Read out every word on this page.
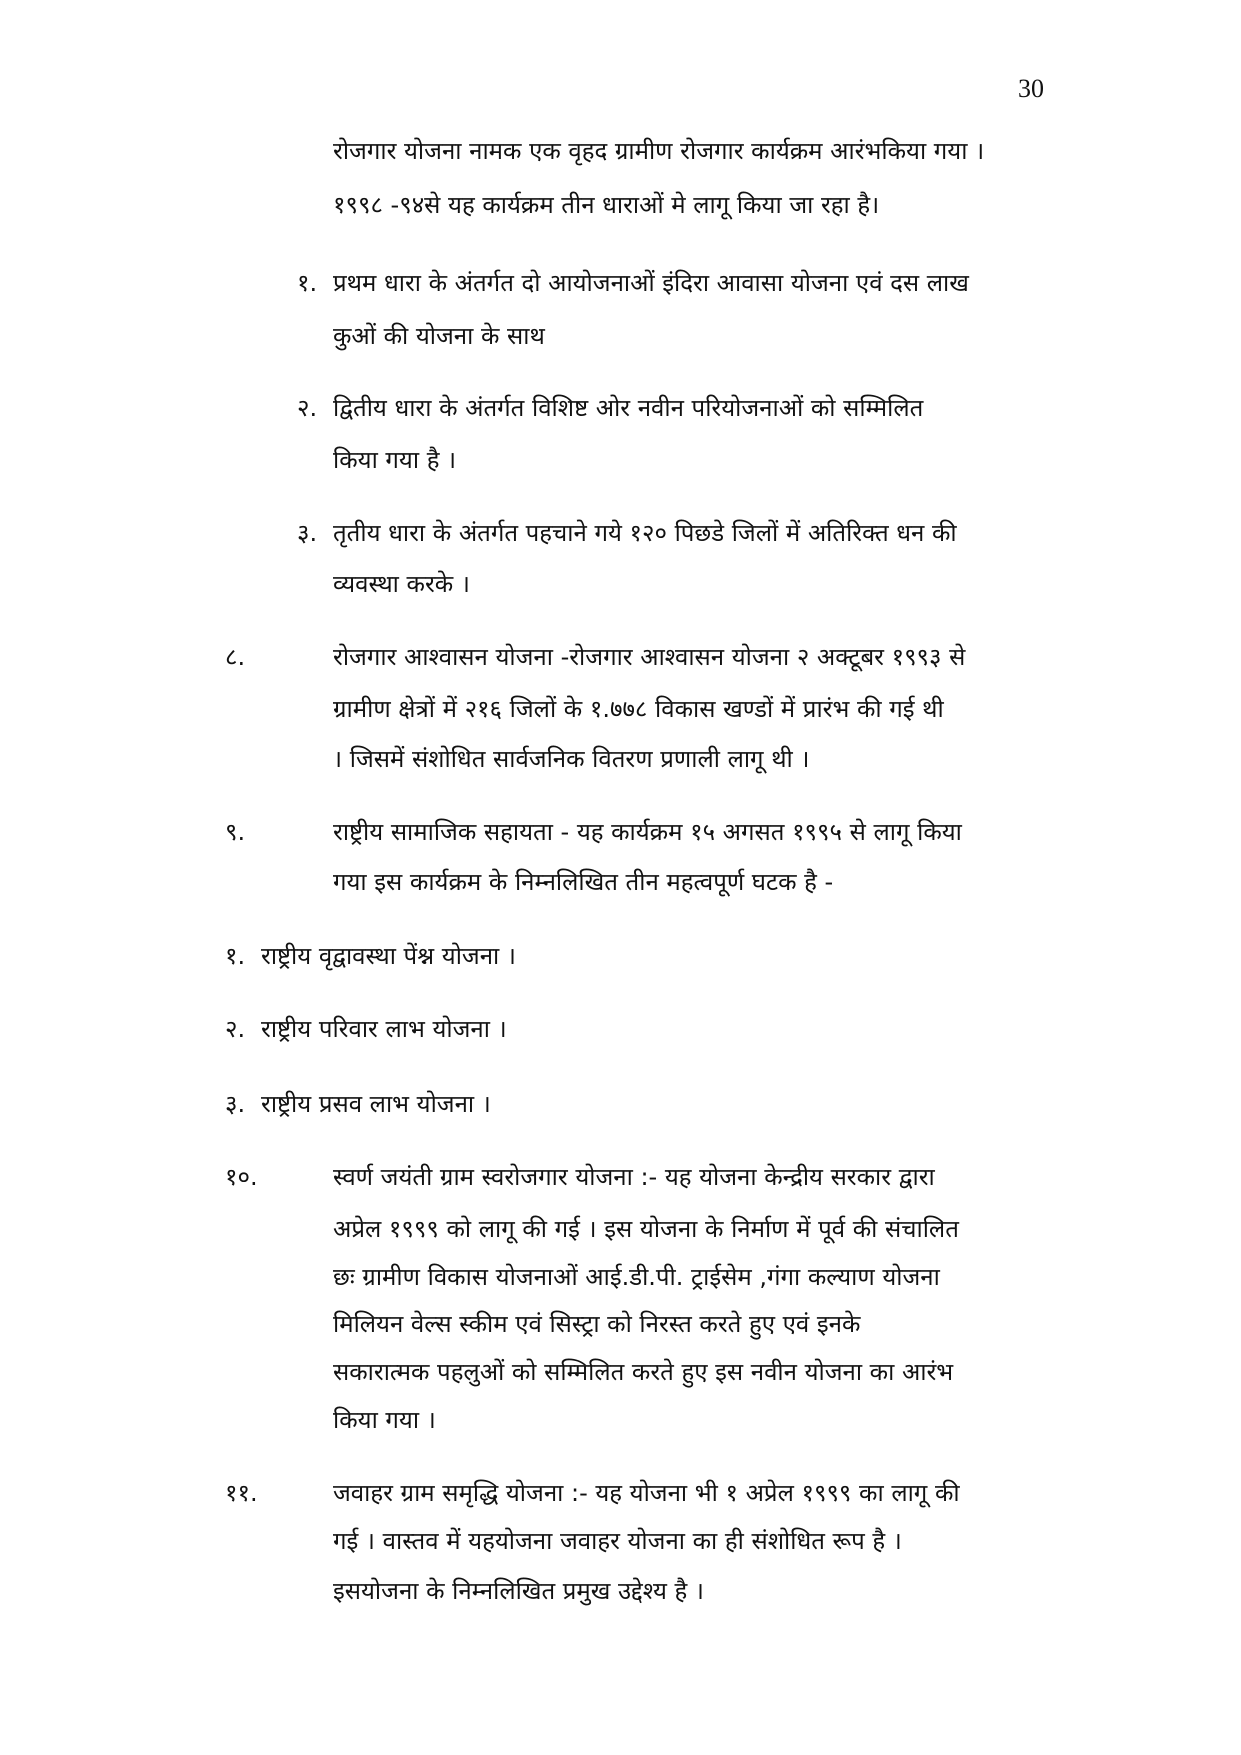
30
रोजगार योजना नामक एक वृहद ग्रामीण रोजगार कार्यक्रम आरंभकिया गया ।
१९९८ -९४से यह कार्यक्रम तीन धाराओं मे लागू किया जा रहा है।
१. प्रथम धारा के अंतर्गत दो आयोजनाओं इंदिरा आवासा योजना एवं दस लाख
कुओं की योजना के साथ
२. द्वितीय धारा के अंतर्गत विशिष्ट ओर नवीन परियोजनाओं को सम्मिलित
किया गया है ।
३. तृतीय धारा के अंतर्गत पहचाने गये १२० पिछडे जिलों में अतिरिक्त धन की
व्यवस्था करके ।
८.	रोजगार आश्वासन योजना -रोजगार आश्वासन योजना २ अक्टूबर १९९३ से
ग्रामीण क्षेत्रों में २१६ जिलों के १.७७८ विकास खण्डों में प्रारंभ की गई थी
। जिसमें संशोधित सार्वजनिक वितरण प्रणाली लागू थी ।
९.	राष्ट्रीय सामाजिक सहायता - यह कार्यक्रम १५ अगसत १९९५ से लागू किया
गया इस कार्यक्रम के निम्नलिखित तीन महत्वपूर्ण घटक है -
१. राष्ट्रीय वृद्वावस्था पेंश्न योजना ।
२. राष्ट्रीय परिवार लाभ योजना ।
३. राष्ट्रीय प्रसव लाभ योजना ।
१०.	स्वर्ण जयंती ग्राम स्वरोजगार योजना :- यह योजना केन्द्रीय सरकार द्वारा
अप्रेल १९९९ को लागू की गई । इस योजना के निर्माण में पूर्व की संचालित
छः ग्रामीण विकास योजनाओं आई.डी.पी. ट्राईसेम ,गंगा कल्याण योजना
मिलियन वेल्स स्कीम एवं सिस्ट्रा को निरस्त करते हुए एवं इनके
सकारात्मक पहलुओं को सम्मिलित करते हुए इस नवीन योजना का आरंभ
किया गया ।
११.	जवाहर ग्राम समृद्धि योजना :- यह योजना भी १ अप्रेल १९९९ का लागू की
गई । वास्तव में यहयोजना जवाहर योजना का ही संशोधित रूप है ।
इसयोजना के निम्नलिखित प्रमुख उद्देश्य है ।
